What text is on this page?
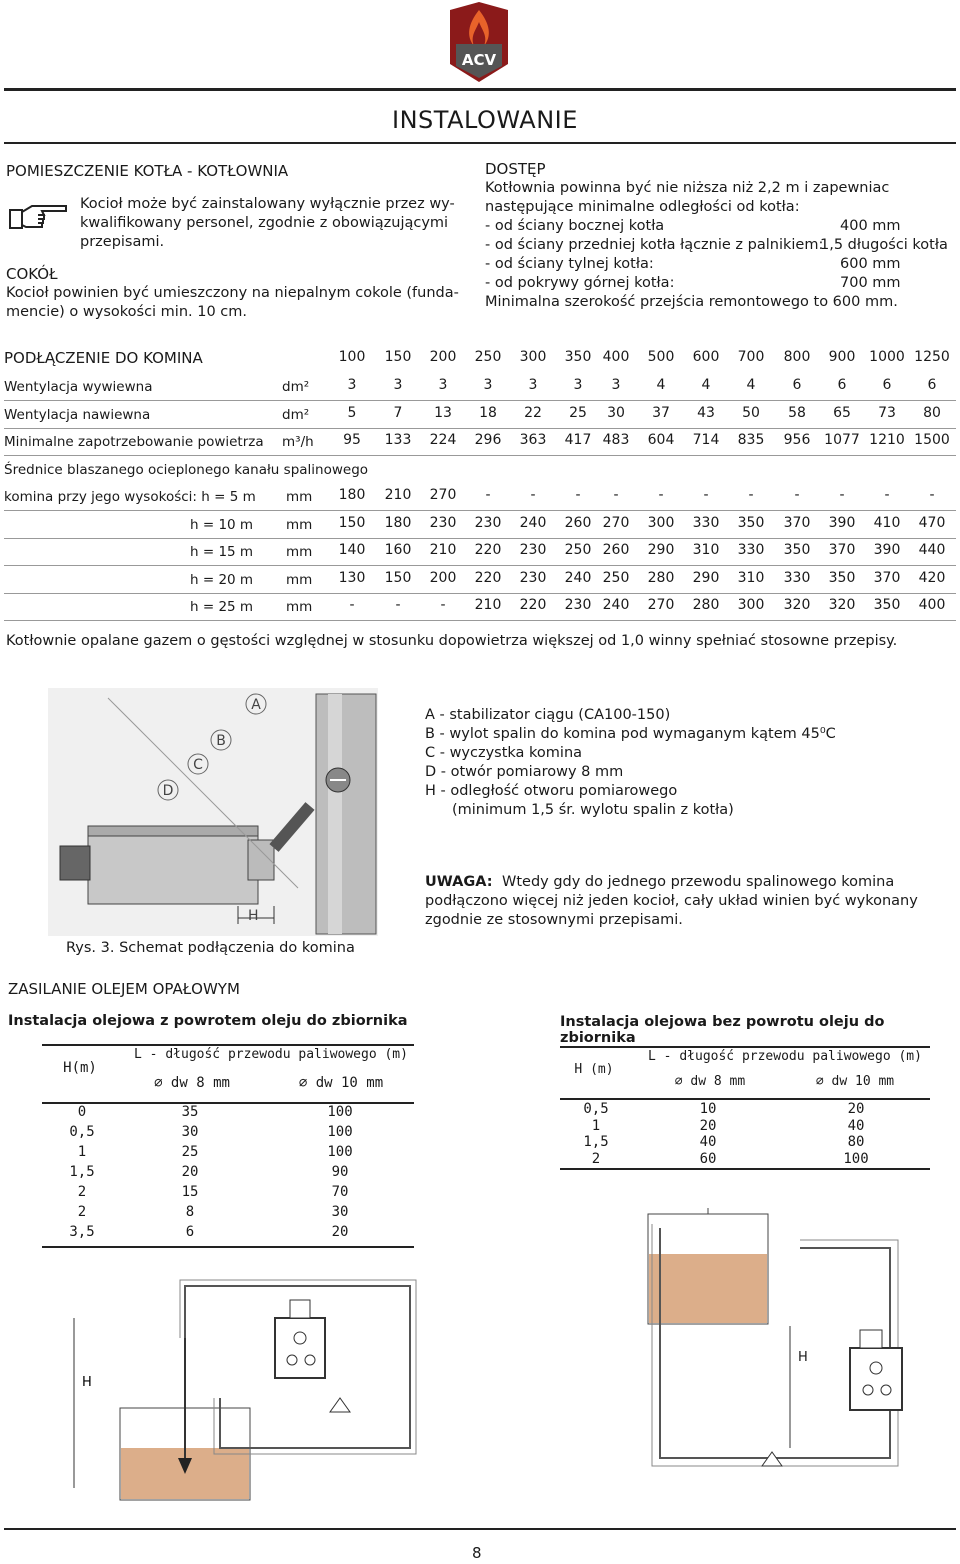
ACV
INSTALOWANIE
POMIESZCZENIE KOTŁA - KOTŁOWNIA
Kocioł może być zainstalowany wyłącznie przez wy-
kwalifikowany personel, zgodnie z obowiązującymi
przepisami.
COKÓŁ
Kocioł powinien być umieszczony na niepalnym cokole (funda-
mencie) o wysokości min. 10 cm.
DOSTĘP
Kotłownia powinna być nie niższa niż 2,2 m i zapewniac
następujące minimalne odległości od kotła:
- od ściany bocznej kotła	400 mm
- od ściany przedniej kotła łącznie z palnikiem:
1,5 długości kotła
- od ściany tylnej kotła:	600 mm
- od pokrywy górnej kotła:	700 mm
Minimalna szerokość przejścia remontowego to 600 mm.
PODŁĄCZENIE DO KOMINA	100	150	200	250	300	350 400	500	600	700	800	900 1000 1250
Wentylacja wywiewna	dm²	3	3	3	3	3	3	3	4	4	4	6	6	6	6
Wentylacja nawiewna	dm²	5	7	13	18	22	25	30	37	43	50	58	65	73	80
Minimalne zapotrzebowanie powietrza m³/h	95	133	224	296	363	417 483	604	714	835	956 1077 1210 1500
Średnice blaszanego ocieplonego kanału spalinowego
komina przy jego wysokości: h = 5 m mm	180	210	270	-	-	-	-	-	-	-	-	-	-	-
h = 10 m mm	150	180	230	230	240	260 270	300	330	350	370	390	410	470
h = 15 m mm	140	160	210	220	230	250 260	290	310	330	350	370	390	440
h = 20 m mm	130	150	200	220	230	240 250	280	290	310	330	350	370	420
h = 25 m mm	-	-	-	210	220	230 240	270	280	300	320	320	350	400
Kotłownie opalane gazem o gęstości względnej w stosunku dopowietrza większej od 1,0 winny spełniać stosowne przepisy.
A
B
C
D
H
Rys. 3. Schemat podłączenia do komina
A - stabilizator ciągu (CA100-150)
B - wylot spalin do komina pod wymaganym kątem 45⁰C
C - wyczystka komina
D - otwór pomiarowy 8 mm
H - odległość otworu pomiarowego
(minimum 1,5 śr. wylotu spalin z kotła)
UWAGA: Wtedy gdy do jednego przewodu spalinowego komina
podłączono więcej niż jeden kocioł, cały układ winien być wykonany
zgodnie ze stosownymi przepisami.
ZASILANIE OLEJEM OPAŁOWYM
Instalacja olejowa z powrotem oleju do zbiornika	Instalacja olejowa bez powrotu oleju do zbiornika
H(m)
L - długość przewodu paliwowego (m)
⌀ dw 8 mm	⌀ dw 10 mm
0	35	100
0,5	30	100
1	25	100
1,5	20	90
2	15	70
2	8	30
3,5	6	20
H (m)
L - długość przewodu paliwowego (m)
⌀ dw 8 mm	⌀ dw 10 mm
0,5	10	20
1	20	40
1,5	40	80
2	60	100
H
H
8
